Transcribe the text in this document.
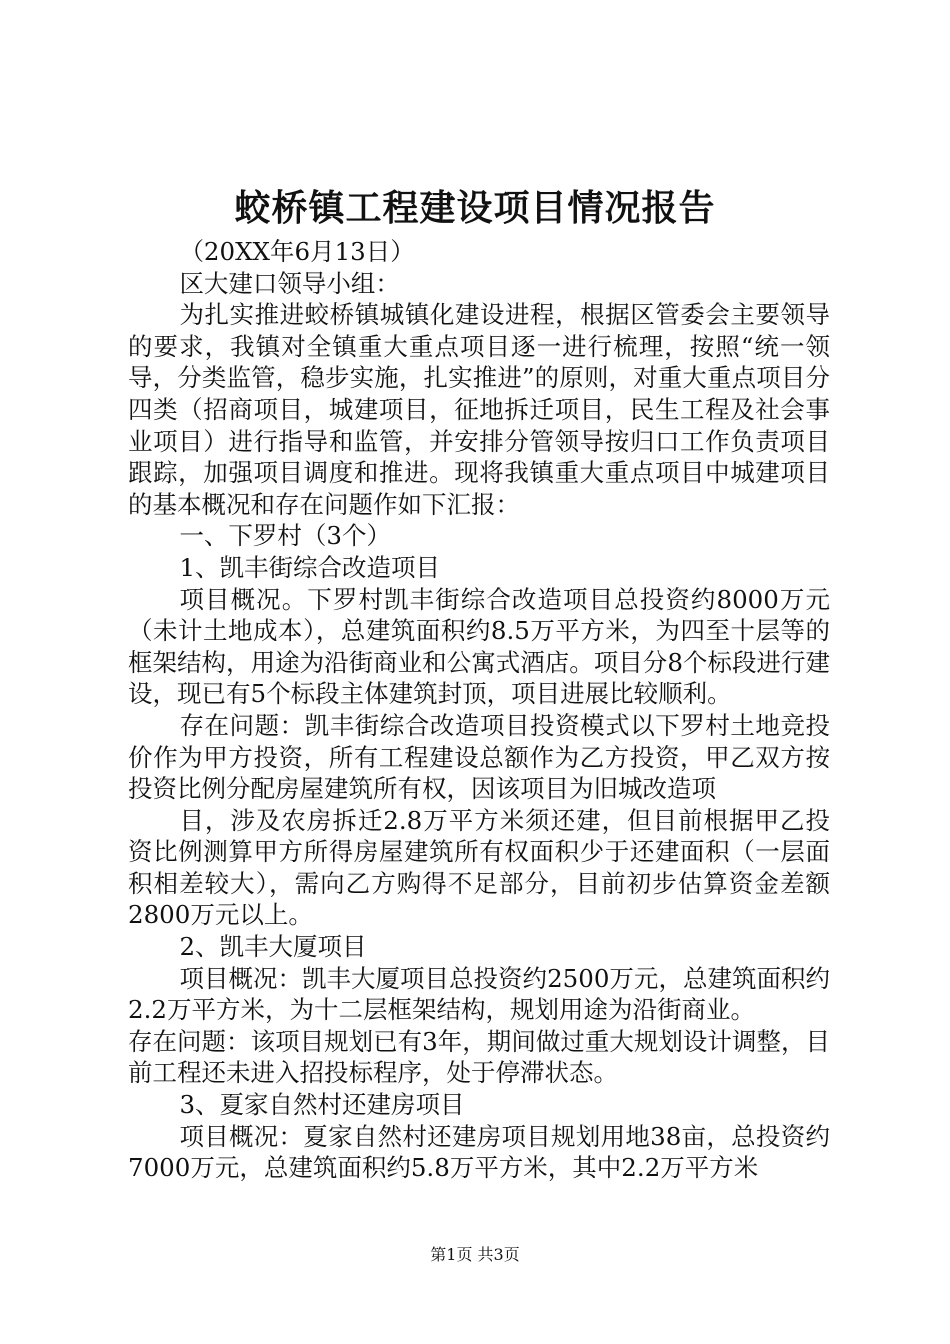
蛟桥镇工程建设项目情况报告

（20XX年6月13日）

区大建口领导小组：

为扎实推进蛟桥镇城镇化建设进程，根据区管委会主要领导的要求，我镇对全镇重大重点项目逐一进行梳理，按照“统一领导，分类监管，稳步实施，扎实推进”的原则，对重大重点项目分四类（招商项目，城建项目，征地拆迁项目，民生工程及社会事业项目）进行指导和监管，并安排分管领导按归口工作负责项目跟踪，加强项目调度和推进。现将我镇重大重点项目中城建项目的基本概况和存在问题作如下汇报：

一、下罗村（3个）

1、凯丰街综合改造项目

项目概况。下罗村凯丰街综合改造项目总投资约8000万元（未计土地成本），总建筑面积约8.5万平方米，为四至十层等的框架结构，用途为沿街商业和公寓式酒店。项目分8个标段进行建设，现已有5个标段主体建筑封顶，项目进展比较顺利。

存在问题：凯丰街综合改造项目投资模式以下罗村土地竞投价作为甲方投资，所有工程建设总额作为乙方投资，甲乙双方按投资比例分配房屋建筑所有权，因该项目为旧城改造项

目，涉及农房拆迁2.8万平方米须还建，但目前根据甲乙投资比例测算甲方所得房屋建筑所有权面积少于还建面积（一层面积相差较大），需向乙方购得不足部分，目前初步估算资金差额2800万元以上。

2、凯丰大厦项目

项目概况：凯丰大厦项目总投资约2500万元，总建筑面积约2.2万平方米，为十二层框架结构，规划用途为沿街商业。

存在问题：该项目规划已有3年，期间做过重大规划设计调整，目前工程还未进入招投标程序，处于停滞状态。

3、夏家自然村还建房项目

项目概况：夏家自然村还建房项目规划用地38亩，总投资约7000万元，总建筑面积约5.8万平方米，其中2.2万平方米

第1页 共3页
